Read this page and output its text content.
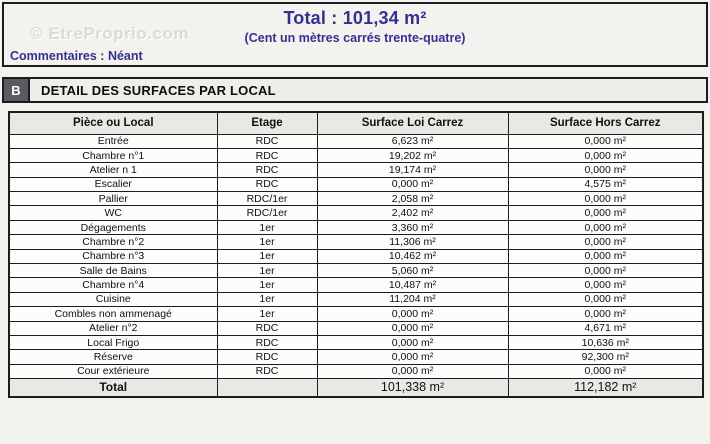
© EtreProprio.com
Total : 101,34 m²
(Cent un mètres carrés trente-quatre)
Commentaires : Néant
B	DETAIL DES SURFACES PAR LOCAL
Pièce ou Local	Etage	Surface Loi Carrez	Surface Hors Carrez
Entrée	RDC	6,623 m²	0,000 m²
Chambre n°1	RDC	19,202 m²	0,000 m²
Atelier n 1	RDC	19,174 m²	0,000 m²
Escalier	RDC	0,000 m²	4,575 m²
Pallier	RDC/1er	2,058 m²	0,000 m²
WC	RDC/1er	2,402 m²	0,000 m²
Dégagements	1er	3,360 m²	0,000 m²
Chambre n°2	1er	11,306 m²	0,000 m²
Chambre n°3	1er	10,462 m²	0,000 m²
Salle de Bains	1er	5,060 m²	0,000 m²
Chambre n°4	1er	10,487 m²	0,000 m²
Cuisine	1er	11,204 m²	0,000 m²
Combles non ammenagé	1er	0,000 m²	0,000 m²
Atelier n°2	RDC	0,000 m²	4,671 m²
Local Frigo	RDC	0,000 m²	10,636 m²
Réserve	RDC	0,000 m²	92,300 m²
Cour extérieure	RDC	0,000 m²	0,000 m²
Total		101,338 m²	112,182 m²
